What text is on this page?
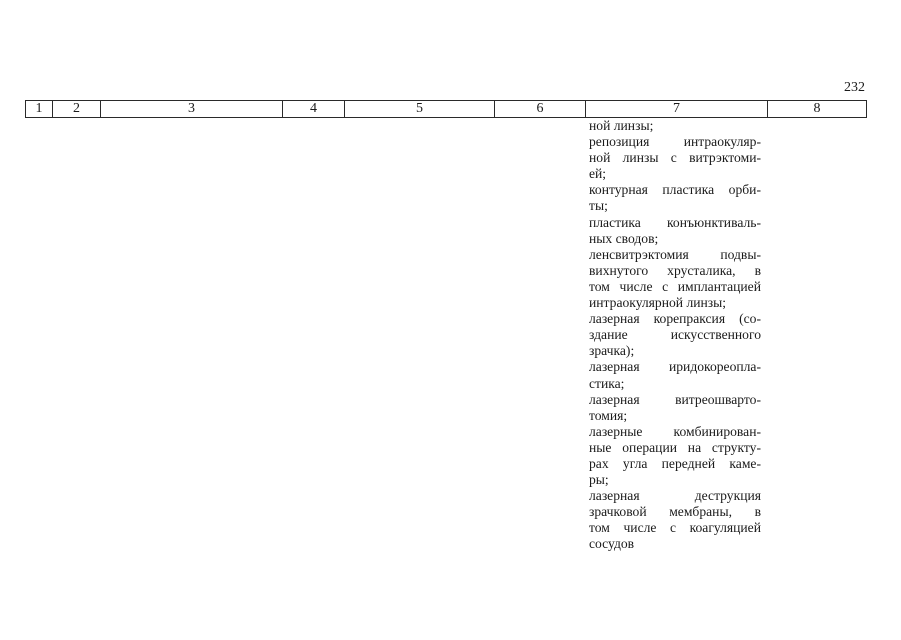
232
1	2	3	4	5	6	7	8
ной линзы;
репозиция интраокуляр-
ной линзы с витрэктоми-
ей;
контурная пластика орби-
ты;
пластика конъюнктиваль-
ных сводов;
ленсвитрэктомия подвы-
вихнутого хрусталика, в
том числе с имплантацией
интраокулярной линзы;
лазерная корепраксия (со-
здание искусственного
зрачка);
лазерная иридокореопла-
стика;
лазерная витреошварто-
томия;
лазерные комбинирован-
ные операции на структу-
рах угла передней каме-
ры;
лазерная деструкция
зрачковой мембраны, в
том числе с коагуляцией
сосудов
